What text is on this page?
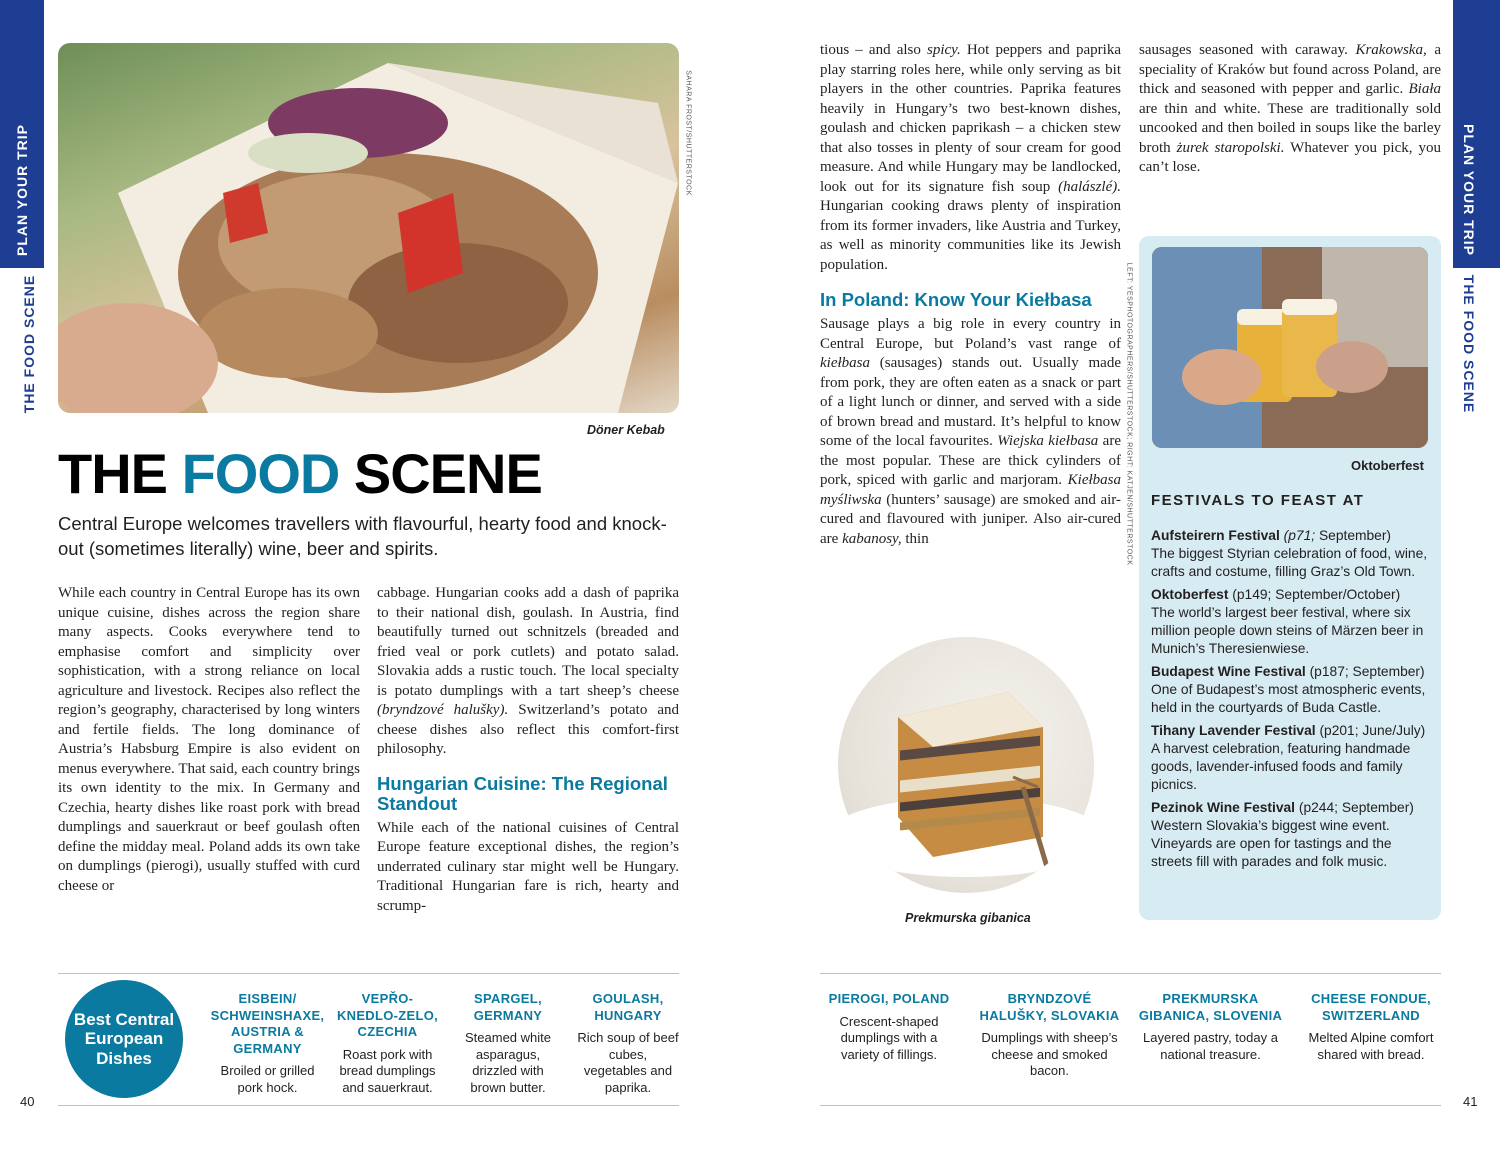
PLAN YOUR TRIP
THE FOOD SCENE
PLAN YOUR TRIP
THE FOOD SCENE
SAHARA FROST/SHUTTERSTOCK
Döner Kebab
THE FOOD SCENE
Central Europe welcomes travellers with flavourful, hearty food and knock-out (sometimes literally) wine, beer and spirits.

While each country in Central Europe has its own unique cuisine, dishes across the region share many aspects. Cooks everywhere tend to emphasise comfort and simplicity over sophistication, with a strong reliance on local agriculture and livestock. Recipes also reflect the region’s geography, characterised by long winters and fertile fields. The long dominance of Austria’s Habsburg Empire is also evident on menus everywhere. That said, each country brings its own identity to the mix. In Germany and Czechia, hearty dishes like roast pork with bread dumplings and sauerkraut or beef goulash often define the midday meal. Poland adds its own take on dumplings (pierogi), usually stuffed with curd cheese or

cabbage. Hungarian cooks add a dash of paprika to their national dish, goulash. In Austria, find beautifully turned out schnitzels (breaded and fried veal or pork cutlets) and potato salad. Slovakia adds a rustic touch. The local specialty is potato dumplings with a tart sheep’s cheese (bryndzové halušky). Switzerland’s potato and cheese dishes also reflect this comfort-first philosophy.

Hungarian Cuisine: The Regional Standout

While each of the national cuisines of Central Europe feature exceptional dishes, the region’s underrated culinary star might well be Hungary. Traditional Hungarian fare is rich, hearty and scrump-

tious – and also spicy. Hot peppers and paprika play starring roles here, while only serving as bit players in the other countries. Paprika features heavily in Hungary’s two best-known dishes, goulash and chicken paprikash – a chicken stew that also tosses in plenty of sour cream for good measure. And while Hungary may be landlocked, look out for its signature fish soup (halászlé). Hungarian cooking draws plenty of inspiration from its former invaders, like Austria and Turkey, as well as minority communities like its Jewish population.

In Poland: Know Your Kiełbasa

Sausage plays a big role in every country in Central Europe, but Poland’s vast range of kiełbasa (sausages) stands out. Usually made from pork, they are often eaten as a snack or part of a light lunch or dinner, and served with a side of brown bread and mustard. It’s helpful to know some of the local favourites. Wiejska kiełbasa are the most popular. These are thick cylinders of pork, spiced with garlic and marjoram. Kiełbasa myśliwska (hunters’ sausage) are smoked and air-cured and flavoured with juniper. Also air-cured are kabanosy, thin

sausages seasoned with caraway. Krakowska, a speciality of Kraków but found across Poland, are thick and seasoned with pepper and garlic. Biała are thin and white. These are traditionally sold uncooked and then boiled in soups like the barley broth żurek staropolski. Whatever you pick, you can’t lose.

LEFT: YESPHOTOGRAPHERS/SHUTTERSTOCK; RIGHT: KATJEN/SHUTTERSTOCK	Oktoberfest
FESTIVALS TO FEAST AT
Aufsteirern Festival (p71; September)
The biggest Styrian celebration of food, wine, crafts and costume, filling Graz’s Old Town.
Oktoberfest (p149; September/October)
The world’s largest beer festival, where six million people down steins of Märzen beer in Munich’s Theresienwiese.
Budapest Wine Festival (p187; September)
One of Budapest’s most atmospheric events, held in the courtyards of Buda Castle.
Tihany Lavender Festival (p201; June/July)
A harvest celebration, featuring handmade goods, lavender-infused foods and family picnics.
Pezinok Wine Festival (p244; September)
Western Slovakia’s biggest wine event. Vineyards are open for tastings and the streets fill with parades and folk music.
Prekmurska gibanica
Best Central European Dishes
EISBEIN/ SCHWEINSHAXE, AUSTRIA & GERMANY
Broiled or grilled pork hock.
VEPŘO-KNEDLO-ZELO, CZECHIA
Roast pork with bread dumplings and sauerkraut.
SPARGEL, GERMANY
Steamed white asparagus, drizzled with brown butter.
GOULASH, HUNGARY
Rich soup of beef cubes, vegetables and paprika.
PIEROGI, POLAND
Crescent-shaped dumplings with a variety of fillings.
BRYNDZOVÉ HALUŠKY, SLOVAKIA
Dumplings with sheep’s cheese and smoked bacon.
PREKMURSKA GIBANICA, SLOVENIA
Layered pastry, today a national treasure.
CHEESE FONDUE, SWITZERLAND
Melted Alpine comfort shared with bread.
40	41
